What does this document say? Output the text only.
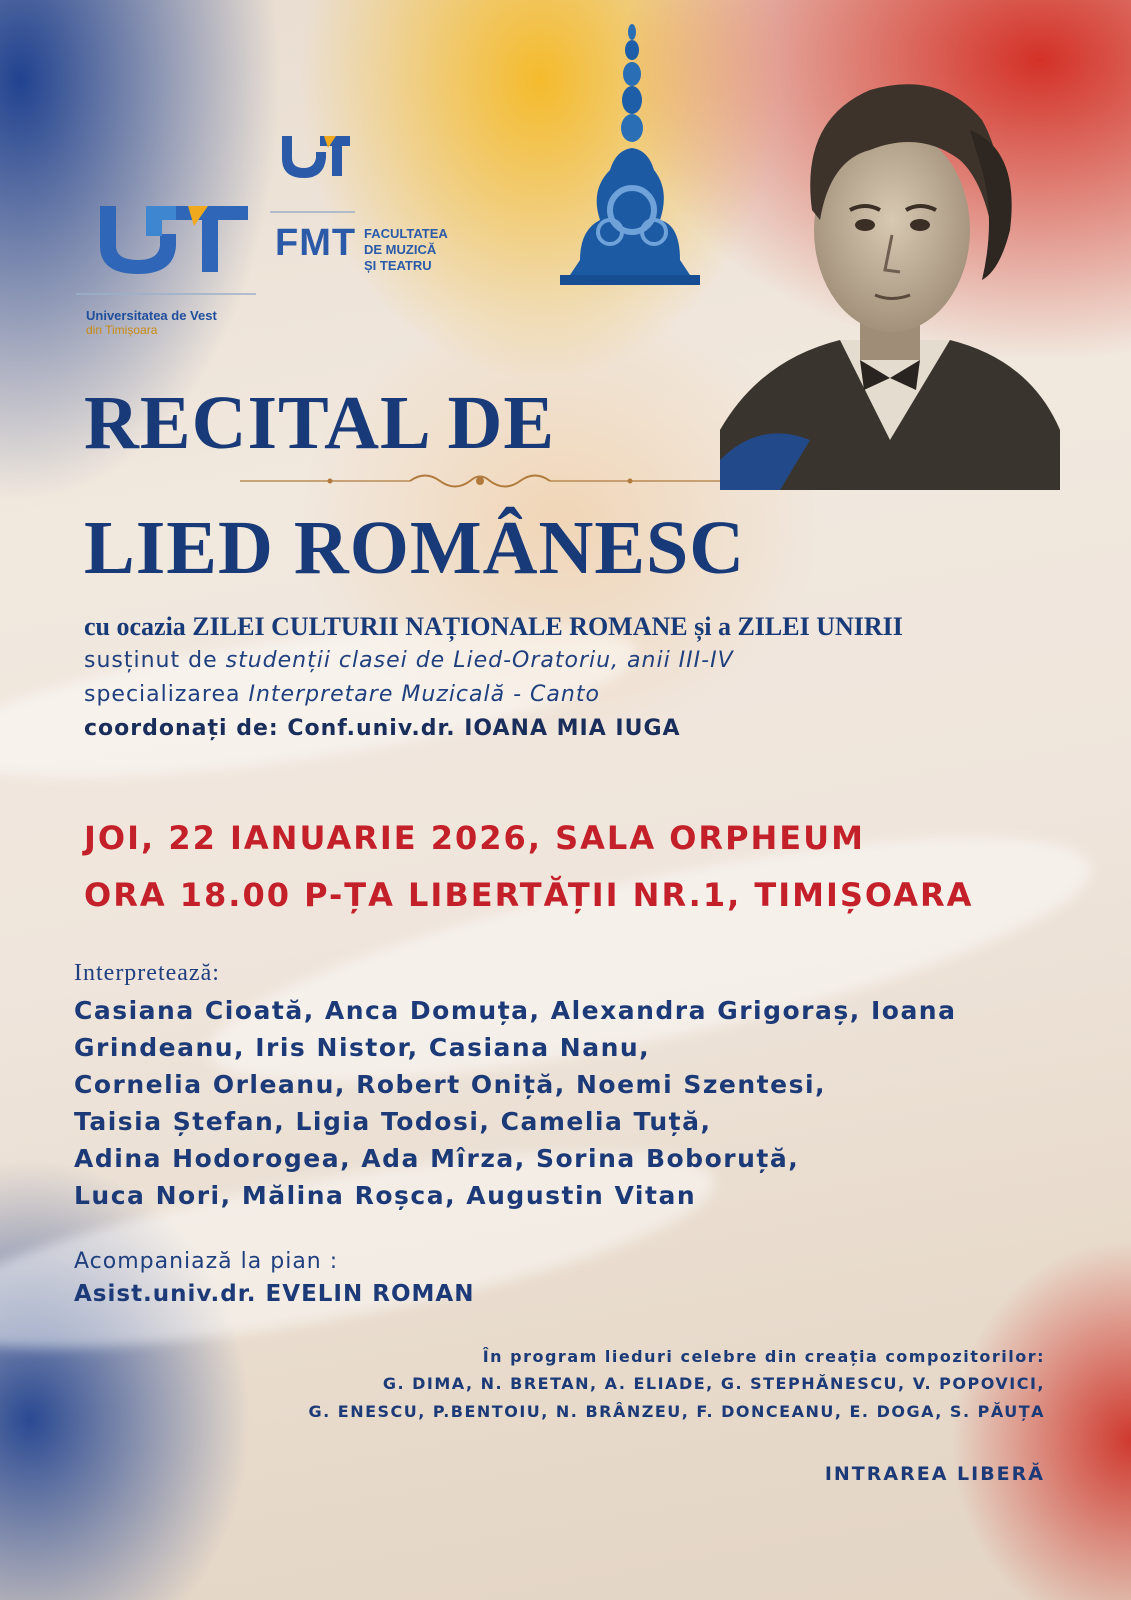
Universitatea de Vest
din Timișoara
FMT FACULTATEA
DE MUZICĂ
ȘI TEATRU
RECITAL DE
LIED ROMÂNESC
cu ocazia ZILEI CULTURII NAȚIONALE ROMANE și a ZILEI UNIRII
susținut de studenții clasei de Lied-Oratoriu, anii III-IV
specializarea Interpretare Muzicală - Canto
coordonați de: Conf.univ.dr. IOANA MIA IUGA
JOI, 22 IANUARIE 2026, SALA ORPHEUM
ORA 18.00 P-ȚA LIBERTĂȚII NR.1, TIMIȘOARA
Interpretează:
Casiana Cioată, Anca Domuța, Alexandra Grigoraș, Ioana
Grindeanu, Iris Nistor, Casiana Nanu,
Cornelia Orleanu, Robert Oniță, Noemi Szentesi,
Taisia Ștefan, Ligia Todosi, Camelia Tuță,
Adina Hodorogea, Ada Mîrza, Sorina Boboruță,
Luca Nori, Mălina Roșca, Augustin Vitan
Acompaniază la pian :
Asist.univ.dr. EVELIN ROMAN
În program lieduri celebre din creația compozitorilor:
G. DIMA, N. BRETAN, A. ELIADE, G. STEPHĂNESCU, V. POPOVICI,
G. ENESCU, P.BENTOIU, N. BRÂNZEU, F. DONCEANU, E. DOGA, S. PĂUȚA
INTRAREA LIBERĂ
